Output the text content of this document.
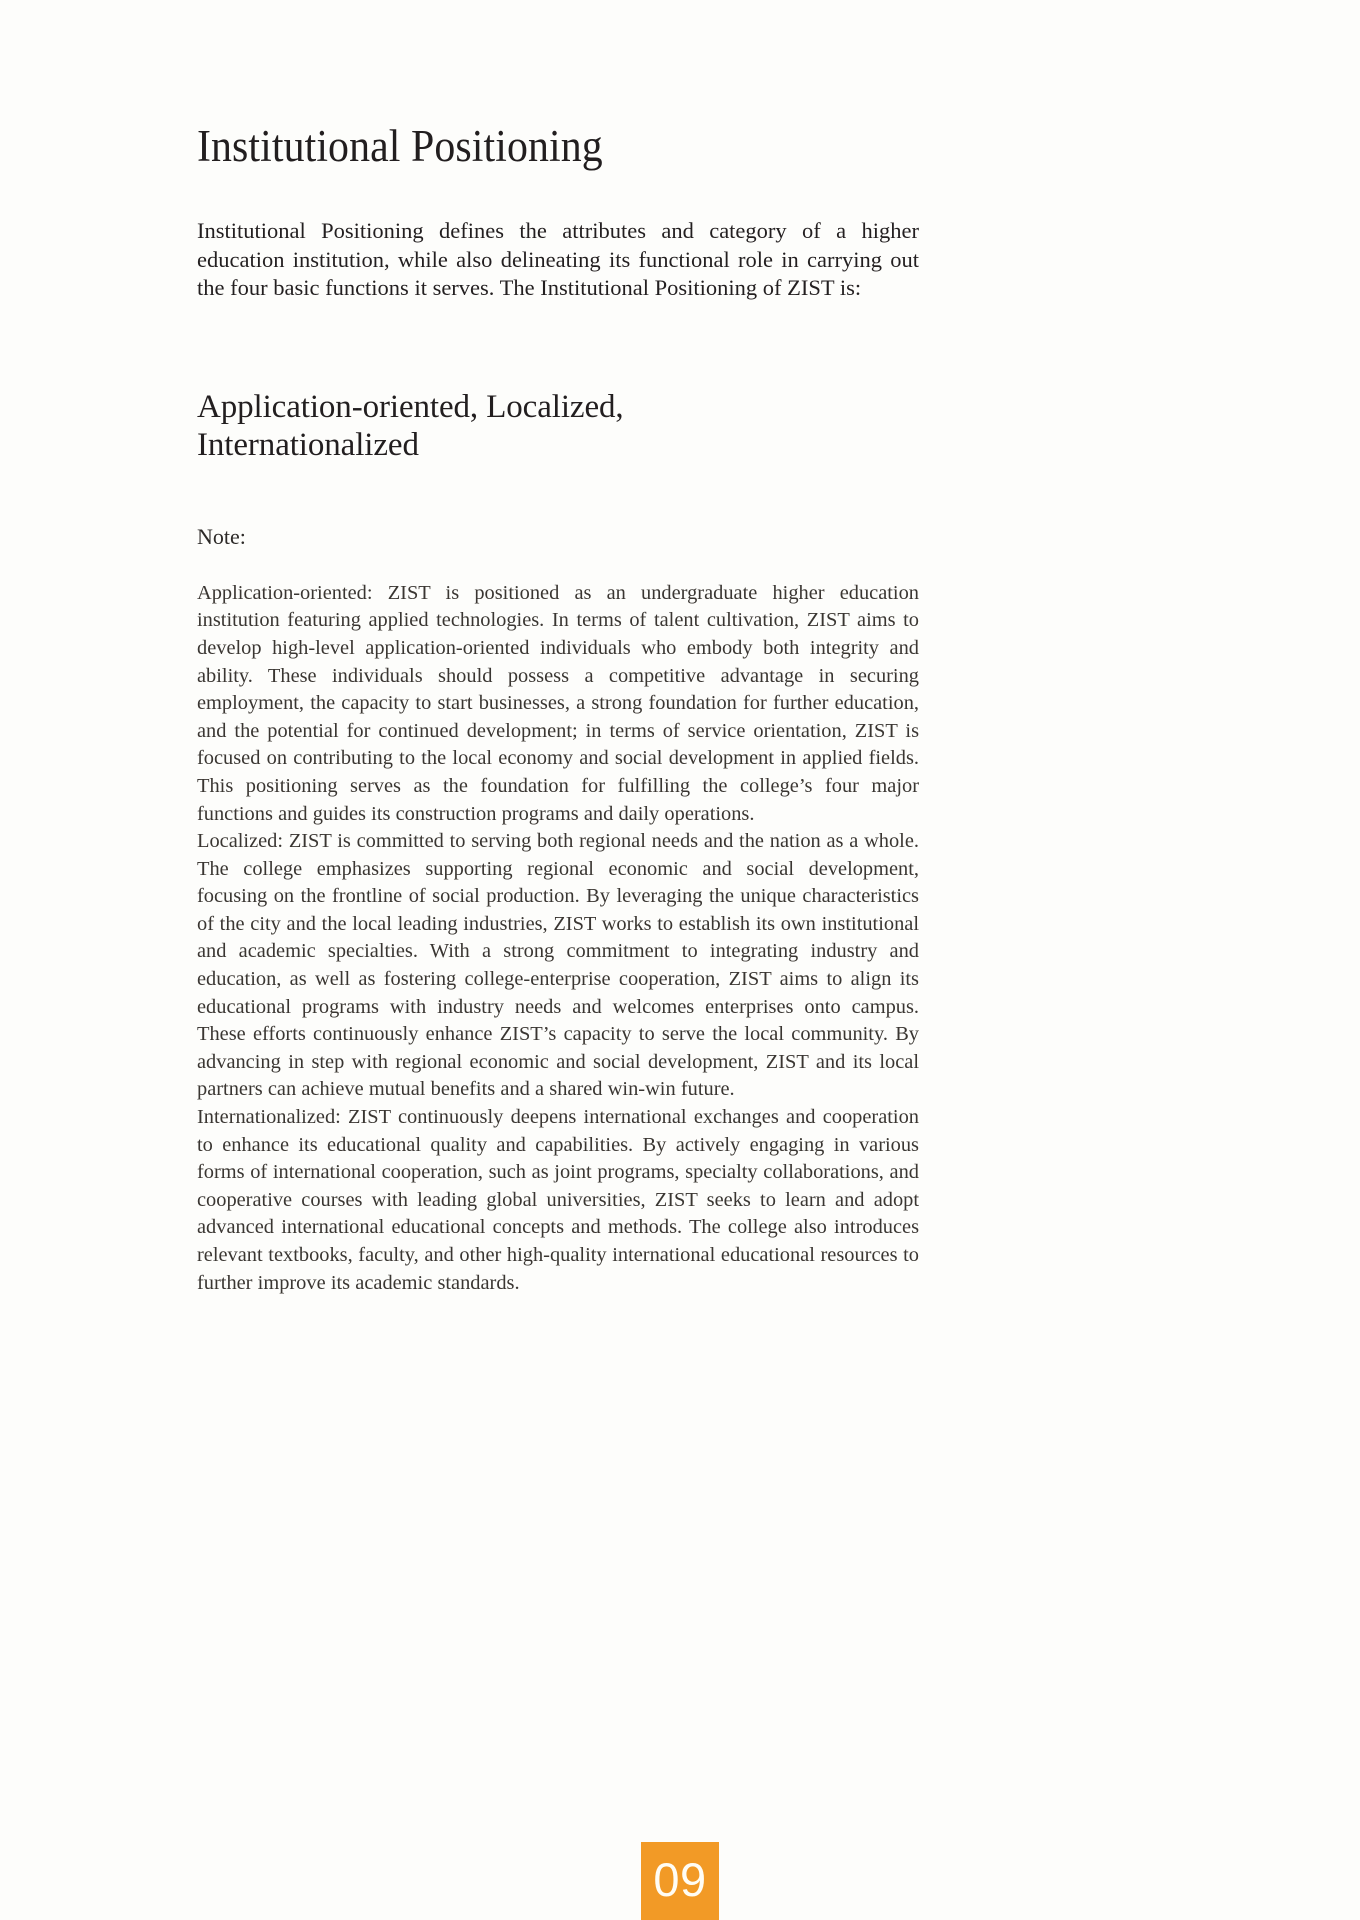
Institutional Positioning

Institutional Positioning defines the attributes and category of a higher education institution, while also delineating its functional role in carrying out the four basic functions it serves. The Institutional Positioning of ZIST is:

Application-oriented, Localized, Internationalized

Note:

Application-oriented: ZIST is positioned as an undergraduate higher education institution featuring applied technologies. In terms of talent cultivation, ZIST aims to develop high-level application-oriented individuals who embody both integrity and ability. These individuals should possess a competitive advantage in securing employment, the capacity to start businesses, a strong foundation for further education, and the potential for continued development; in terms of service orientation, ZIST is focused on contributing to the local economy and social development in applied fields. This positioning serves as the foundation for fulfilling the college’s four major functions and guides its construction programs and daily operations.

Localized: ZIST is committed to serving both regional needs and the nation as a whole. The college emphasizes supporting regional economic and social development, focusing on the frontline of social production. By leveraging the unique characteristics of the city and the local leading industries, ZIST works to establish its own institutional and academic specialties. With a strong commitment to integrating industry and education, as well as fostering college-enterprise cooperation, ZIST aims to align its educational programs with industry needs and welcomes enterprises onto campus. These efforts continuously enhance ZIST’s capacity to serve the local community. By advancing in step with regional economic and social development, ZIST and its local partners can achieve mutual benefits and a shared win-win future.

Internationalized: ZIST continuously deepens international exchanges and cooperation to enhance its educational quality and capabilities. By actively engaging in various forms of international cooperation, such as joint programs, specialty collaborations, and cooperative courses with leading global universities, ZIST seeks to learn and adopt advanced international educational concepts and methods. The college also introduces relevant textbooks, faculty, and other high-quality international educational resources to further improve its academic standards.

09
